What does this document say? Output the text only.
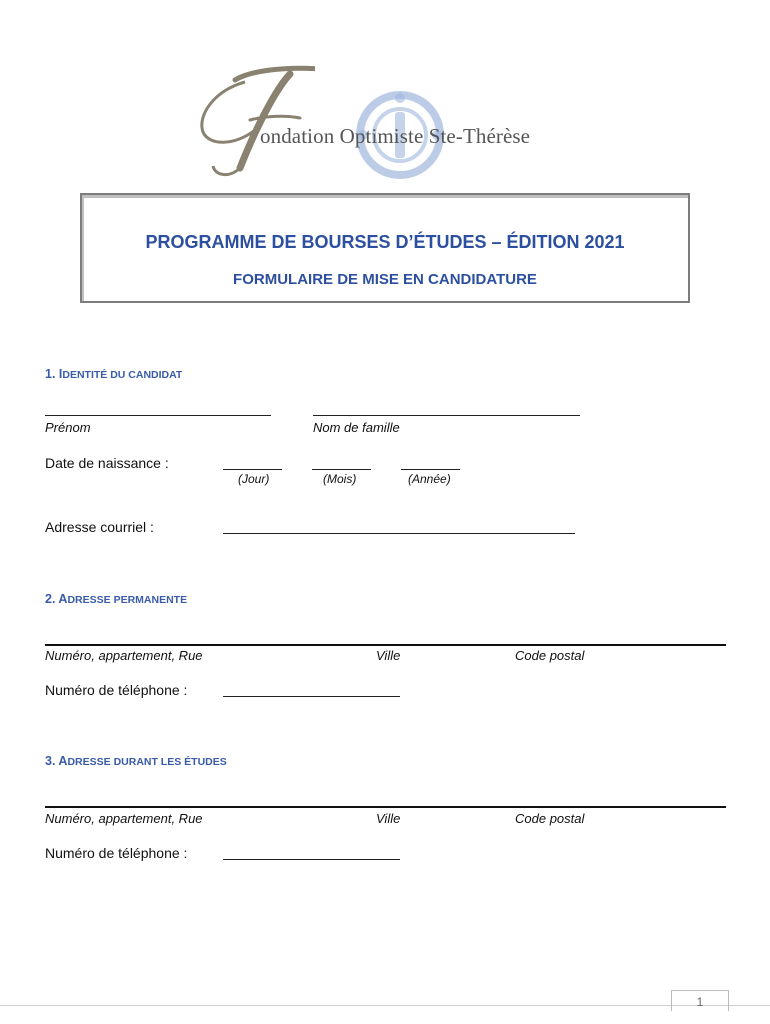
ondation Optimiste Ste-Thérèse
PROGRAMME DE BOURSES D’ÉTUDES – ÉDITION 2021
FORMULAIRE DE MISE EN CANDIDATURE
1. IDENTITÉ DU CANDIDAT
Prénom	Nom de famille
Date de naissance :
(Jour)	(Mois)	(Année)
Adresse courriel :
2. ADRESSE PERMANENTE
Numéro, appartement, Rue	Ville	Code postal
Numéro de téléphone :
3. ADRESSE DURANT LES ÉTUDES
Numéro, appartement, Rue	Ville	Code postal
Numéro de téléphone :
1
